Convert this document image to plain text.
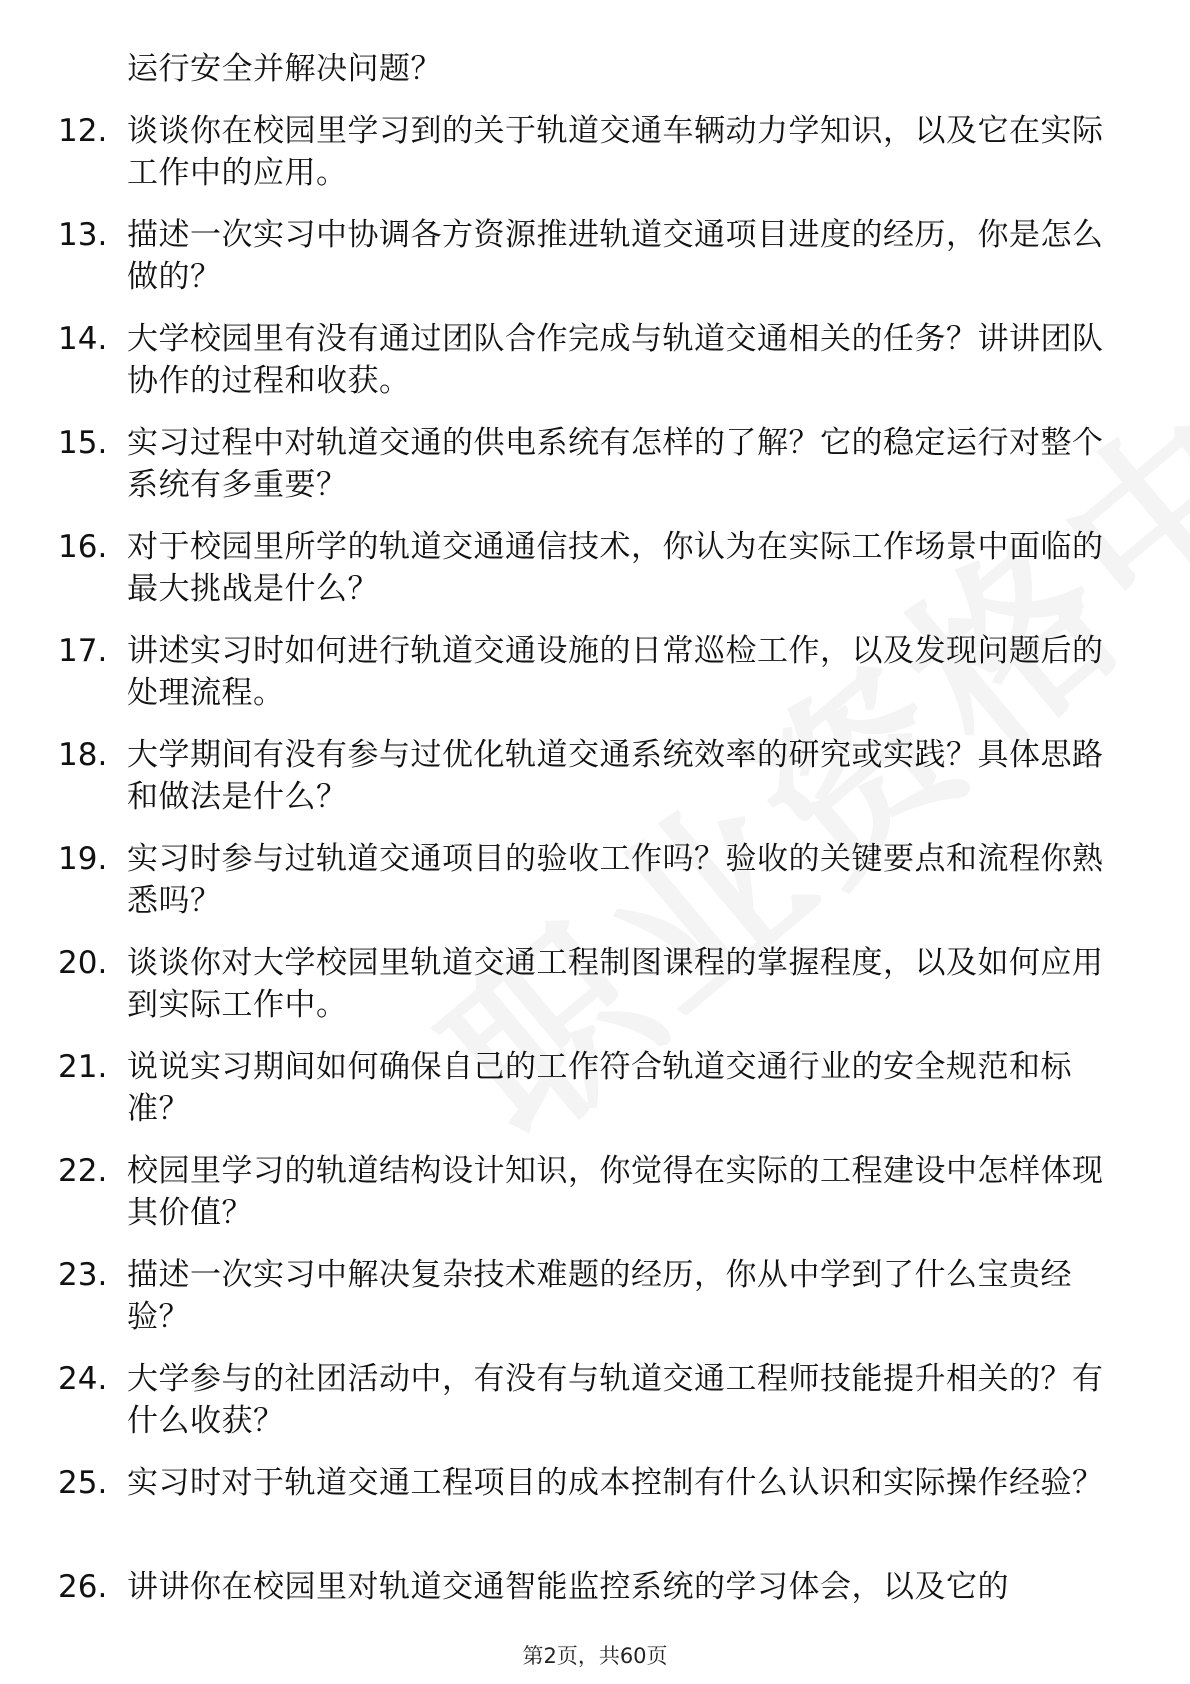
运行安全并解决问题？
12. 谈谈你在校园里学习到的关于轨道交通车辆动力学知识，以及它在实际工作中的应用。
13. 描述一次实习中协调各方资源推进轨道交通项目进度的经历，你是怎么做的？
14. 大学校园里有没有通过团队合作完成与轨道交通相关的任务？讲讲团队协作的过程和收获。
15. 实习过程中对轨道交通的供电系统有怎样的了解？它的稳定运行对整个系统有多重要？
16. 对于校园里所学的轨道交通通信技术，你认为在实际工作场景中面临的最大挑战是什么？
17. 讲述实习时如何进行轨道交通设施的日常巡检工作，以及发现问题后的处理流程。
18. 大学期间有没有参与过优化轨道交通系统效率的研究或实践？具体思路和做法是什么？
19. 实习时参与过轨道交通项目的验收工作吗？验收的关键要点和流程你熟悉吗？
20. 谈谈你对大学校园里轨道交通工程制图课程的掌握程度，以及如何应用到实际工作中。
21. 说说实习期间如何确保自己的工作符合轨道交通行业的安全规范和标准？
22. 校园里学习的轨道结构设计知识，你觉得在实际的工程建设中怎样体现其价值？
23. 描述一次实习中解决复杂技术难题的经历，你从中学到了什么宝贵经验？
24. 大学参与的社团活动中，有没有与轨道交通工程师技能提升相关的？有什么收获？
25. 实习时对于轨道交通工程项目的成本控制有什么认识和实际操作经验？
26. 讲讲你在校园里对轨道交通智能监控系统的学习体会，以及它的
第2页，共60页
